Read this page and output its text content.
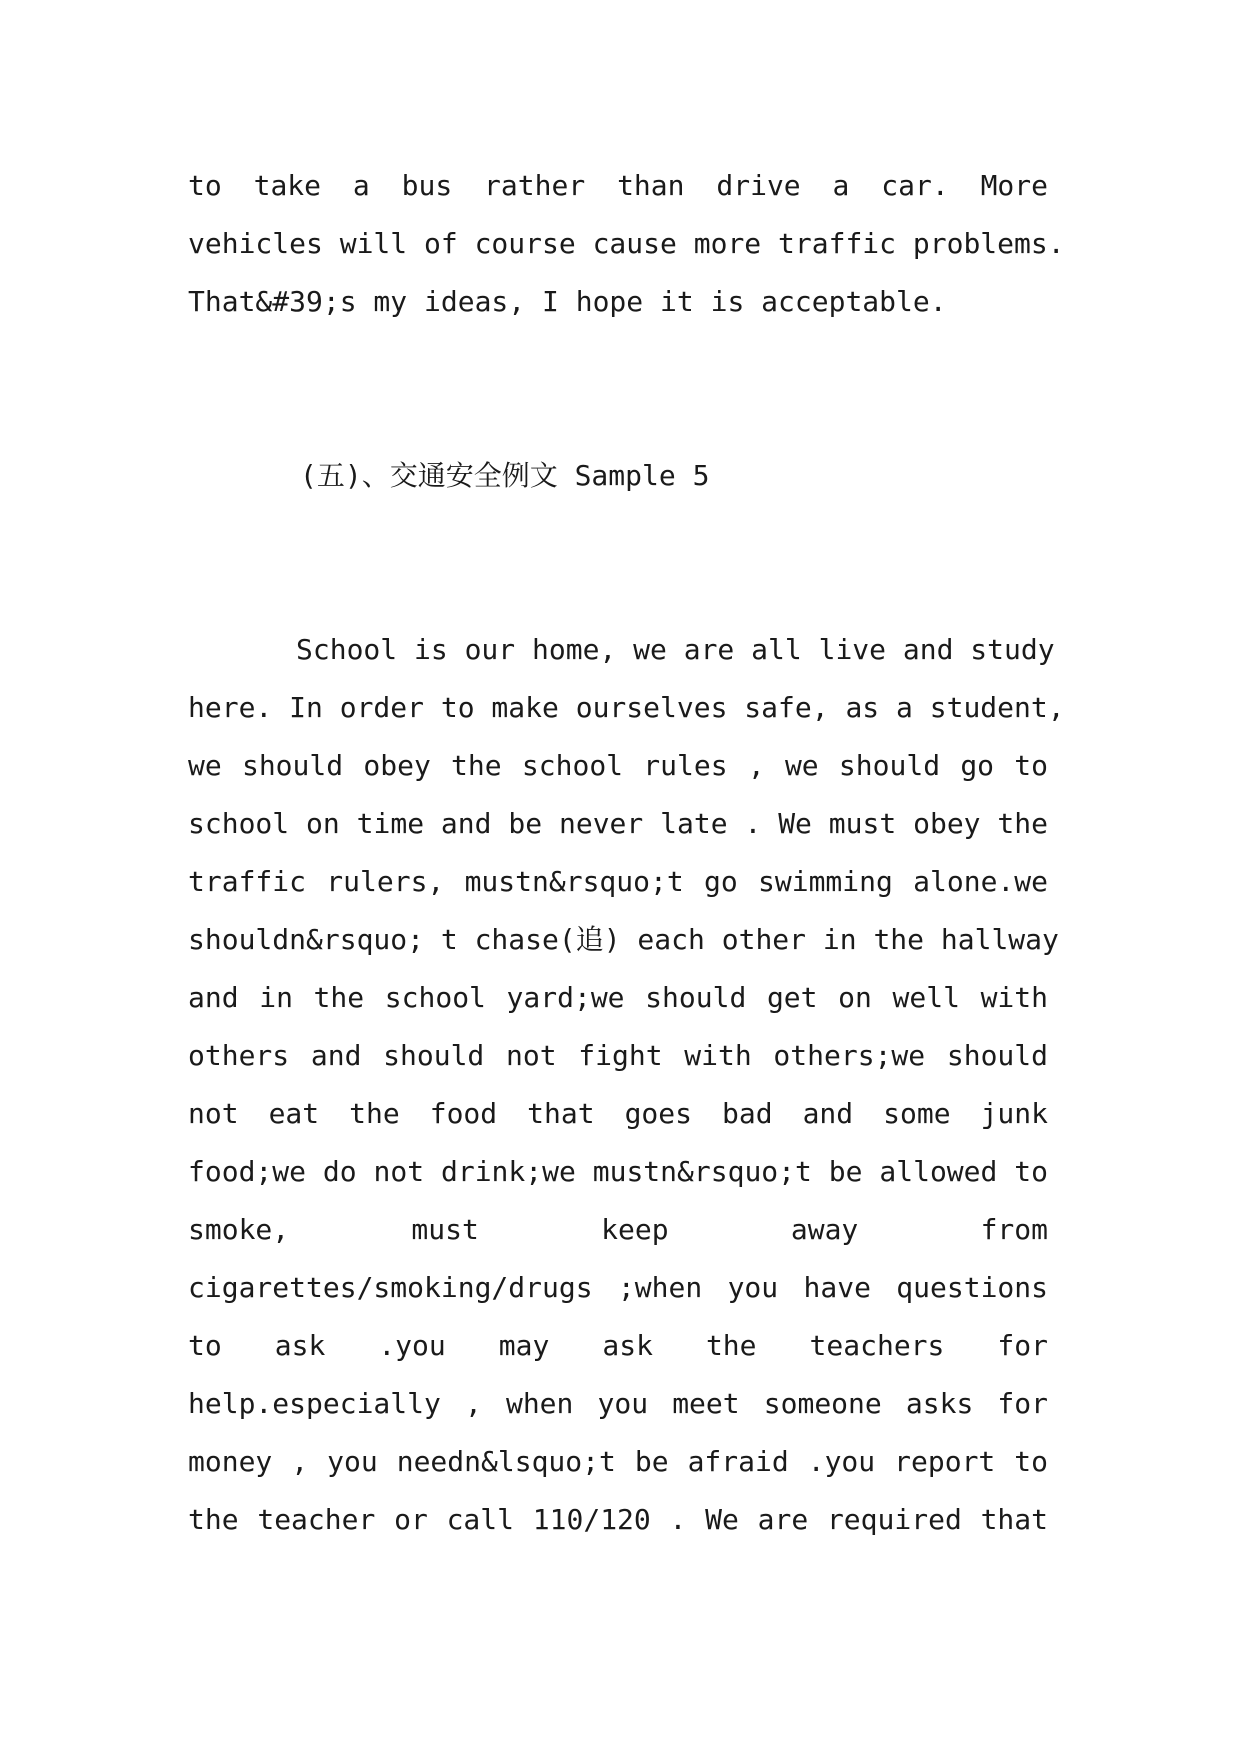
to take a bus rather than drive a car. More
vehicles will of course cause more traffic problems.
That&#39;s my ideas, I hope it is acceptable.
(五)、交通安全例文 Sample 5
School is our home, we are all live and study
here. In order to make ourselves safe, as a student,
we should obey the school rules , we should go to
school on time and be never late . We must obey the
traffic rulers, mustn&rsquo;t go swimming alone.we
shouldn&rsquo; t chase(追) each other in the hallway
and in the school yard;we should get on well with
others and should not fight with others;we should
not eat the food that goes bad and some junk
food;we do not drink;we mustn&rsquo;t be allowed to
smoke, must keep away from
cigarettes/smoking/drugs ;when you have questions
to ask .you may ask the teachers for
help.especially , when you meet someone asks for
money , you needn&lsquo;t be afraid .you report to
the teacher or call 110/120 . We are required that
